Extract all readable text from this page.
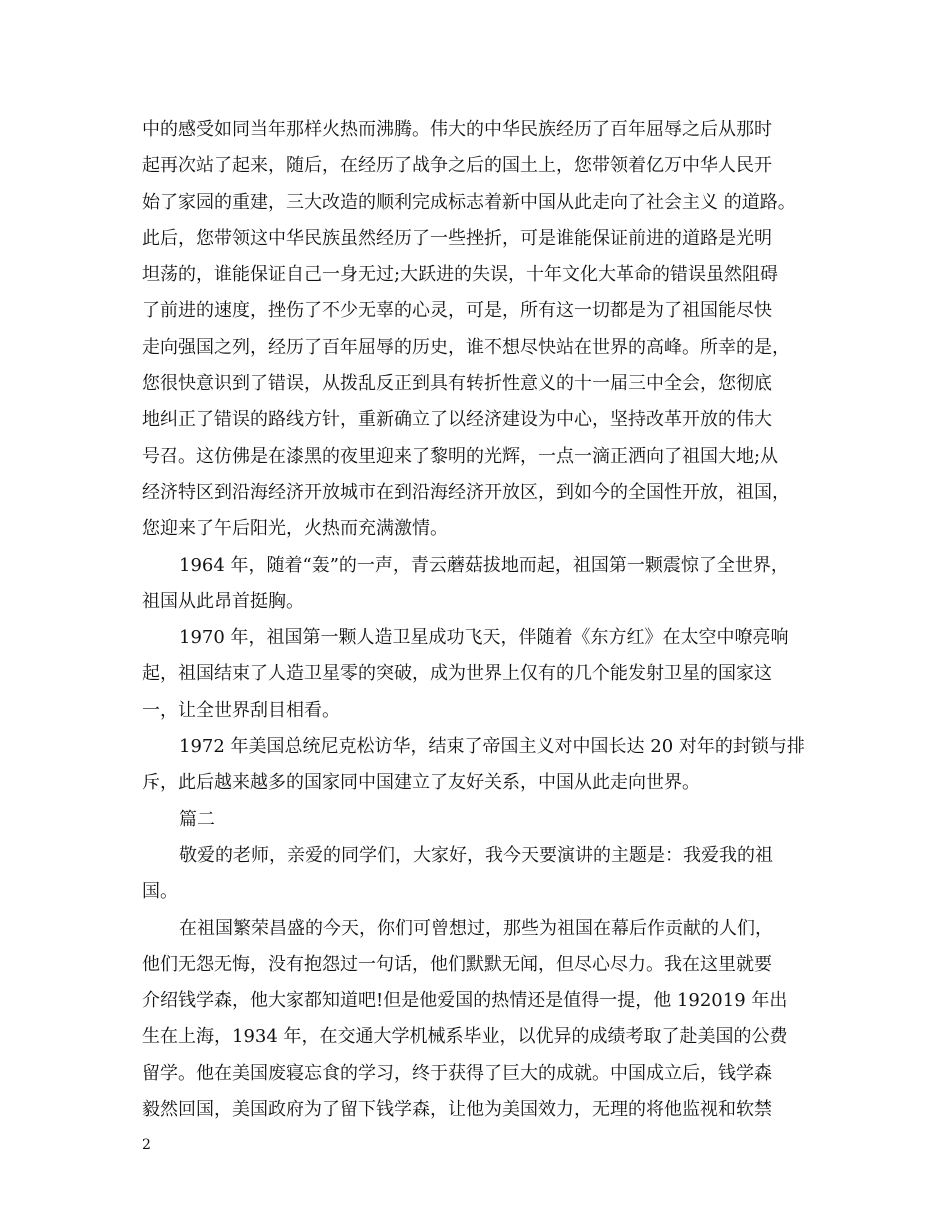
中的感受如同当年那样火热而沸腾。伟大的中华民族经历了百年屈辱之后从那时
起再次站了起来，随后，在经历了战争之后的国土上，您带领着亿万中华人民开
始了家园的重建，三大改造的顺利完成标志着新中国从此走向了社会主义 的道路。
此后，您带领这中华民族虽然经历了一些挫折，可是谁能保证前进的道路是光明
坦荡的，谁能保证自己一身无过;大跃进的失误，十年文化大革命的错误虽然阻碍
了前进的速度，挫伤了不少无辜的心灵，可是，所有这一切都是为了祖国能尽快
走向强国之列，经历了百年屈辱的历史，谁不想尽快站在世界的高峰。所幸的是，
您很快意识到了错误，从拨乱反正到具有转折性意义的十一届三中全会，您彻底
地纠正了错误的路线方针，重新确立了以经济建设为中心，坚持改革开放的伟大
号召。这仿佛是在漆黑的夜里迎来了黎明的光辉，一点一滴正洒向了祖国大地;从
经济特区到沿海经济开放城市在到沿海经济开放区，到如今的全国性开放，祖国，
您迎来了午后阳光，火热而充满激情。
1964 年，随着“轰”的一声，青云蘑菇拔地而起，祖国第一颗震惊了全世界，
祖国从此昂首挺胸。
1970 年，祖国第一颗人造卫星成功飞天，伴随着《东方红》在太空中嘹亮响
起，祖国结束了人造卫星零的突破，成为世界上仅有的几个能发射卫星的国家这
一，让全世界刮目相看。
1972 年美国总统尼克松访华，结束了帝国主义对中国长达 20 对年的封锁与排
斥，此后越来越多的国家同中国建立了友好关系，中国从此走向世界。
篇二
敬爱的老师，亲爱的同学们，大家好，我今天要演讲的主题是：我爱我的祖
国。
在祖国繁荣昌盛的今天，你们可曾想过，那些为祖国在幕后作贡献的人们，
他们无怨无悔，没有抱怨过一句话，他们默默无闻，但尽心尽力。我在这里就要
介绍钱学森，他大家都知道吧!但是他爱国的热情还是值得一提，他 192019 年出
生在上海，1934 年，在交通大学机械系毕业，以优异的成绩考取了赴美国的公费
留学。他在美国废寝忘食的学习，终于获得了巨大的成就。中国成立后，钱学森
毅然回国，美国政府为了留下钱学森，让他为美国效力，无理的将他监视和软禁
2
